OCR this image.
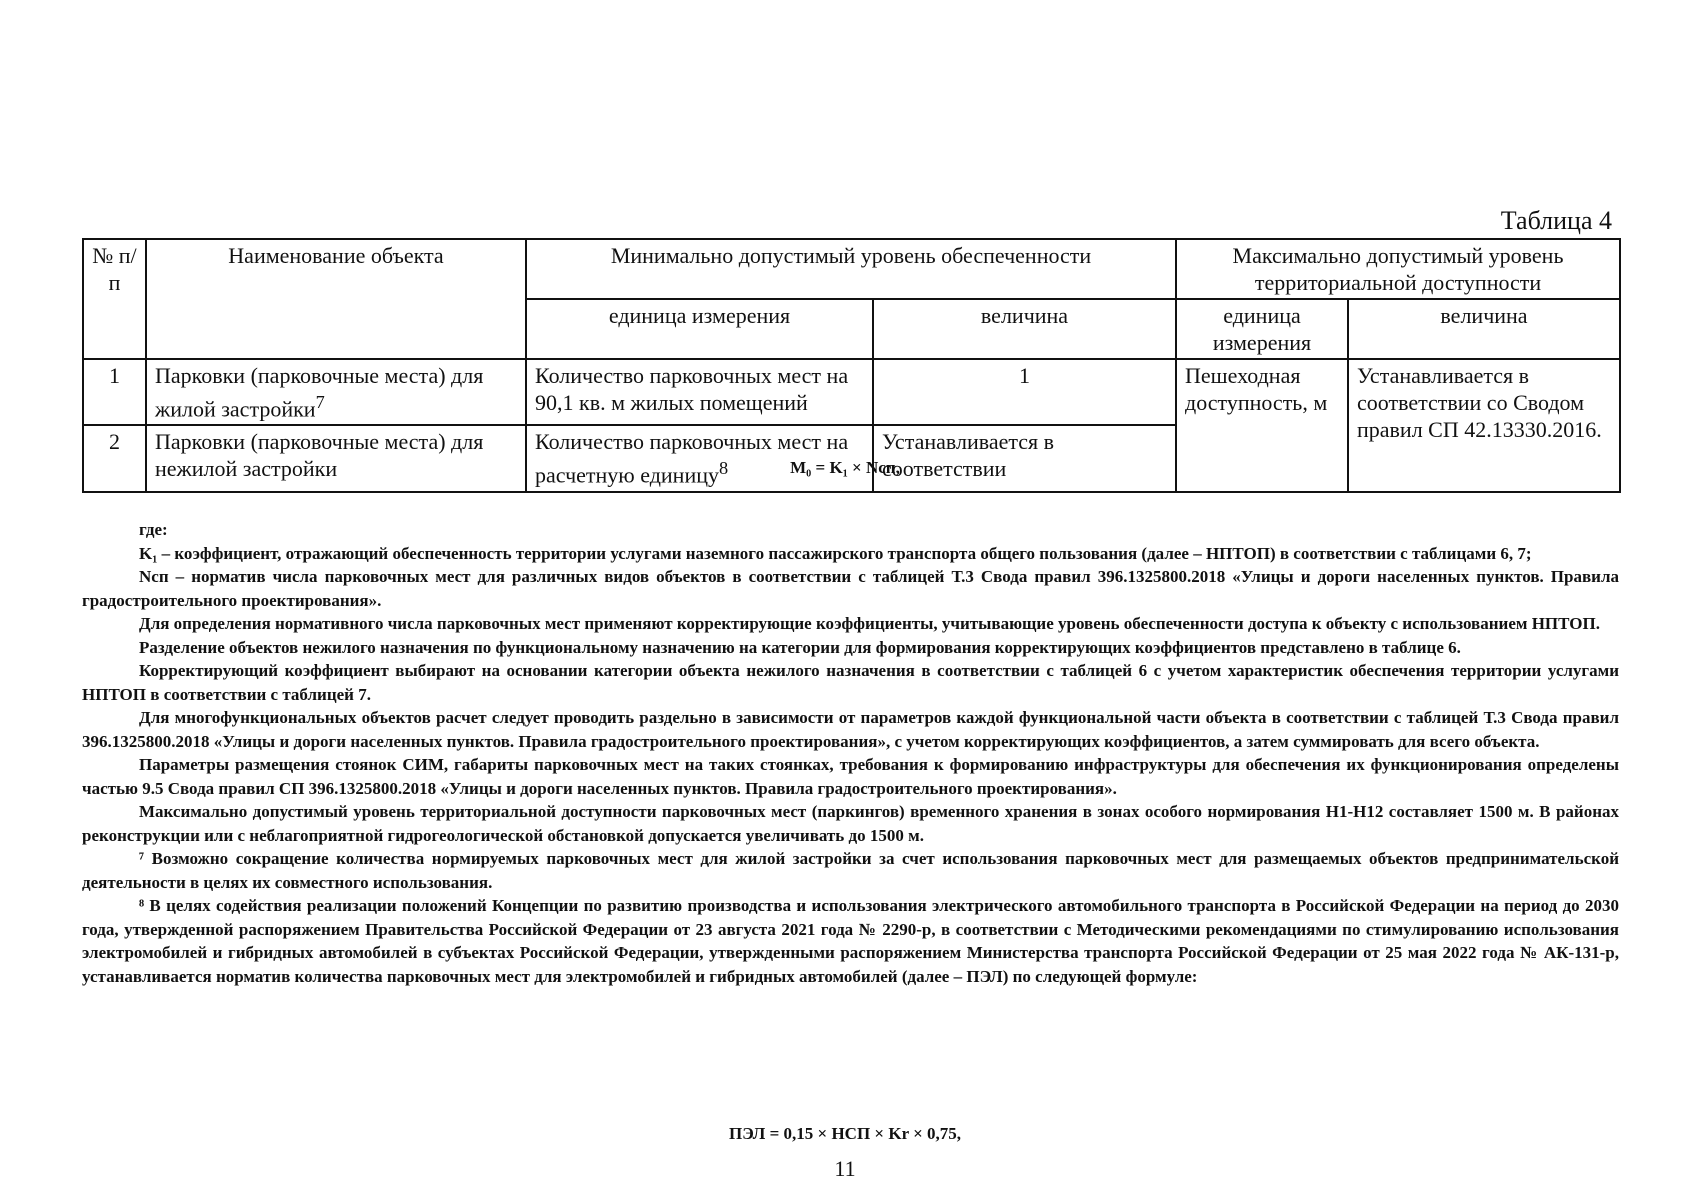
Таблица 4
№ п/п	Наименование объекта	Минимально допустимый уровень обеспеченности		Максимально допустимый уровень территориальной доступности	
		единица измерения	величина	единица измерения	величина
1	Парковки (парковочные места) для жилой застройки$^7$	Количество парковочных мест на 90,1 кв. м жилых помещений	1	Пешеходная доступность, м	Устанавливается в соответствии со Сводом правил СП 42.13330.2016.
2	Парковки (парковочные места) для нежилой застройки	Количество парковочных мест на расчетную единицу$^8$	Устанавливается в соответствии		
M₀ = K₁ × Nсп,

где:

K₁ – коэффициент, отражающий обеспеченность территории услугами наземного пассажирского транспорта общего пользования (далее – НПТОП) в соответствии с таблицами 6, 7;

Nсп – норматив числа парковочных мест для различных видов объектов в соответствии с таблицей Т.3 Свода правил 396.1325800.2018 «Улицы и дороги населенных пунктов. Правила градостроительного проектирования».

Для определения нормативного числа парковочных мест применяют корректирующие коэффициенты, учитывающие уровень обеспеченности доступа к объекту с использованием НПТОП.

Разделение объектов нежилого назначения по функциональному назначению на категории для формирования корректирующих коэффициентов представлено в таблице 6.

Корректирующий коэффициент выбирают на основании категории объекта нежилого назначения в соответствии с таблицей 6 с учетом характеристик обеспечения территории услугами НПТОП в соответствии с таблицей 7.

Для многофункциональных объектов расчет следует проводить раздельно в зависимости от параметров каждой функциональной части объекта в соответствии с таблицей Т.3 Свода правил 396.1325800.2018 «Улицы и дороги населенных пунктов. Правила градостроительного проектирования», с учетом корректирующих коэффициентов, а затем суммировать для всего объекта.

Параметры размещения стоянок СИМ, габариты парковочных мест на таких стоянках, требования к формированию инфраструктуры для обеспечения их функционирования определены частью 9.5 Свода правил СП 396.1325800.2018 «Улицы и дороги населенных пунктов. Правила градостроительного проектирования».

Максимально допустимый уровень территориальной доступности парковочных мест (паркингов) временного хранения в зонах особого нормирования Н1-Н12 составляет 1500 м. В районах реконструкции или с неблагоприятной гидрогеологической обстановкой допускается увеличивать до 1500 м.

⁷ Возможно сокращение количества нормируемых парковочных мест для жилой застройки за счет использования парковочных мест для размещаемых объектов предпринимательской деятельности в целях их совместного использования.

⁸ В целях содействия реализации положений Концепции по развитию производства и использования электрического автомобильного транспорта в Российской Федерации на период до 2030 года, утвержденной распоряжением Правительства Российской Федерации от 23 августа 2021 года № 2290-р, в соответствии с Методическими рекомендациями по стимулированию использования электромобилей и гибридных автомобилей в субъектах Российской Федерации, утвержденными распоряжением Министерства транспорта Российской Федерации от 25 мая 2022 года № АК-131-р, устанавливается норматив количества парковочных мест для электромобилей и гибридных автомобилей (далее – ПЭЛ) по следующей формуле:

ПЭЛ = 0,15 × НСП × Kr × 0,75,
11
